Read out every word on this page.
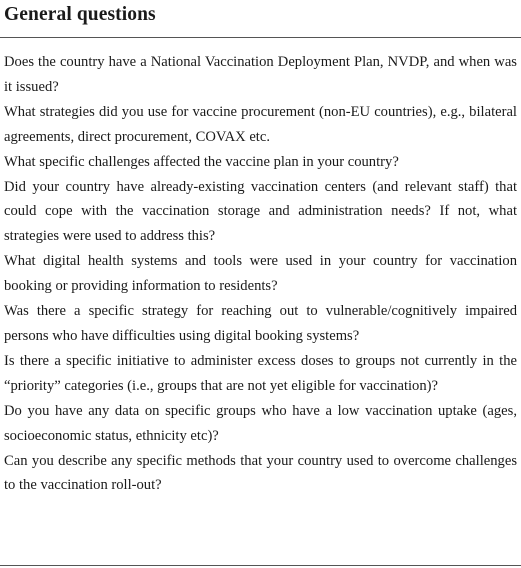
General questions
Does the country have a National Vaccination Deployment Plan, NVDP, and when was it issued?
What strategies did you use for vaccine procurement (non-EU countries), e.g., bilateral agreements, direct procurement, COVAX etc.
What specific challenges affected the vaccine plan in your country?
Did your country have already-existing vaccination centers (and relevant staff) that could cope with the vaccination storage and administration needs? If not, what strategies were used to address this?
What digital health systems and tools were used in your country for vaccination booking or providing information to residents?
Was there a specific strategy for reaching out to vulnerable/cognitively impaired persons who have difficulties using digital booking systems?
Is there a specific initiative to administer excess doses to groups not currently in the “priority” categories (i.e., groups that are not yet eligible for vaccination)?
Do you have any data on specific groups who have a low vaccination uptake (ages, socioeconomic status, ethnicity etc)?
Can you describe any specific methods that your country used to overcome challenges to the vaccination roll-out?
